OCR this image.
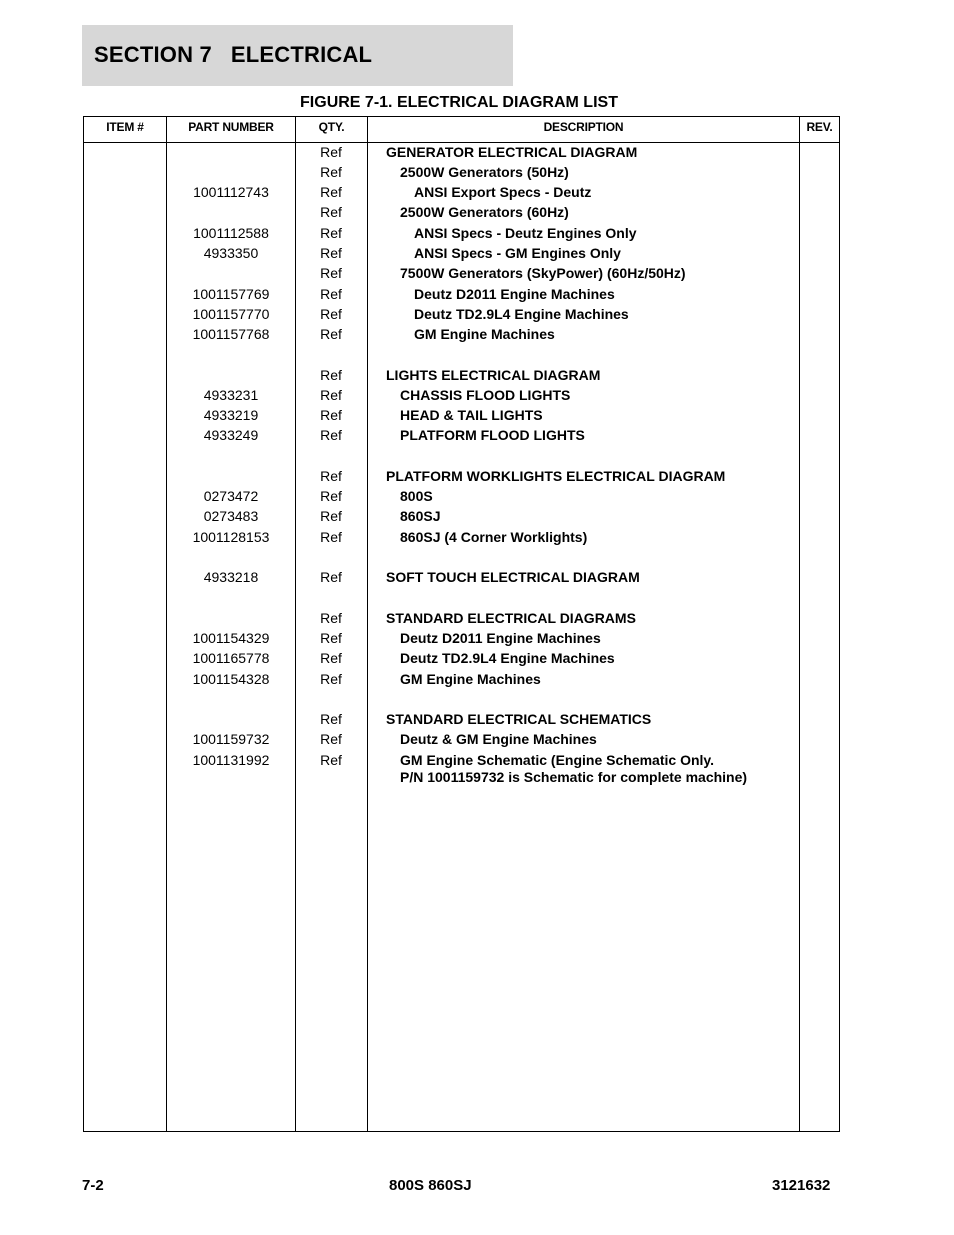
SECTION 7   ELECTRICAL
FIGURE 7-1. ELECTRICAL DIAGRAM LIST
ITEM #	PART NUMBER	QTY.	DESCRIPTION	REV.
Ref	GENERATOR ELECTRICAL DIAGRAM
Ref	2500W Generators (50Hz)
1001112743	Ref	ANSI Export Specs - Deutz
Ref	2500W Generators (60Hz)
1001112588	Ref	ANSI Specs - Deutz Engines Only
4933350	Ref	ANSI Specs - GM Engines Only
Ref	7500W Generators (SkyPower) (60Hz/50Hz)
1001157769	Ref	Deutz D2011 Engine Machines
1001157770	Ref	Deutz TD2.9L4 Engine Machines
1001157768	Ref	GM Engine Machines
Ref	LIGHTS ELECTRICAL DIAGRAM
4933231	Ref	CHASSIS FLOOD LIGHTS
4933219	Ref	HEAD & TAIL LIGHTS
4933249	Ref	PLATFORM FLOOD LIGHTS
Ref	PLATFORM WORKLIGHTS ELECTRICAL DIAGRAM
0273472	Ref	800S
0273483	Ref	860SJ
1001128153	Ref	860SJ (4 Corner Worklights)
4933218	Ref	SOFT TOUCH ELECTRICAL DIAGRAM
Ref	STANDARD ELECTRICAL DIAGRAMS
1001154329	Ref	Deutz D2011 Engine Machines
1001165778	Ref	Deutz TD2.9L4 Engine Machines
1001154328	Ref	GM Engine Machines
Ref	STANDARD ELECTRICAL SCHEMATICS
1001159732	Ref	Deutz & GM Engine Machines
1001131992	Ref	GM Engine Schematic (Engine Schematic Only.
P/N 1001159732 is Schematic for complete machine)
7-2	800S 860SJ	3121632
